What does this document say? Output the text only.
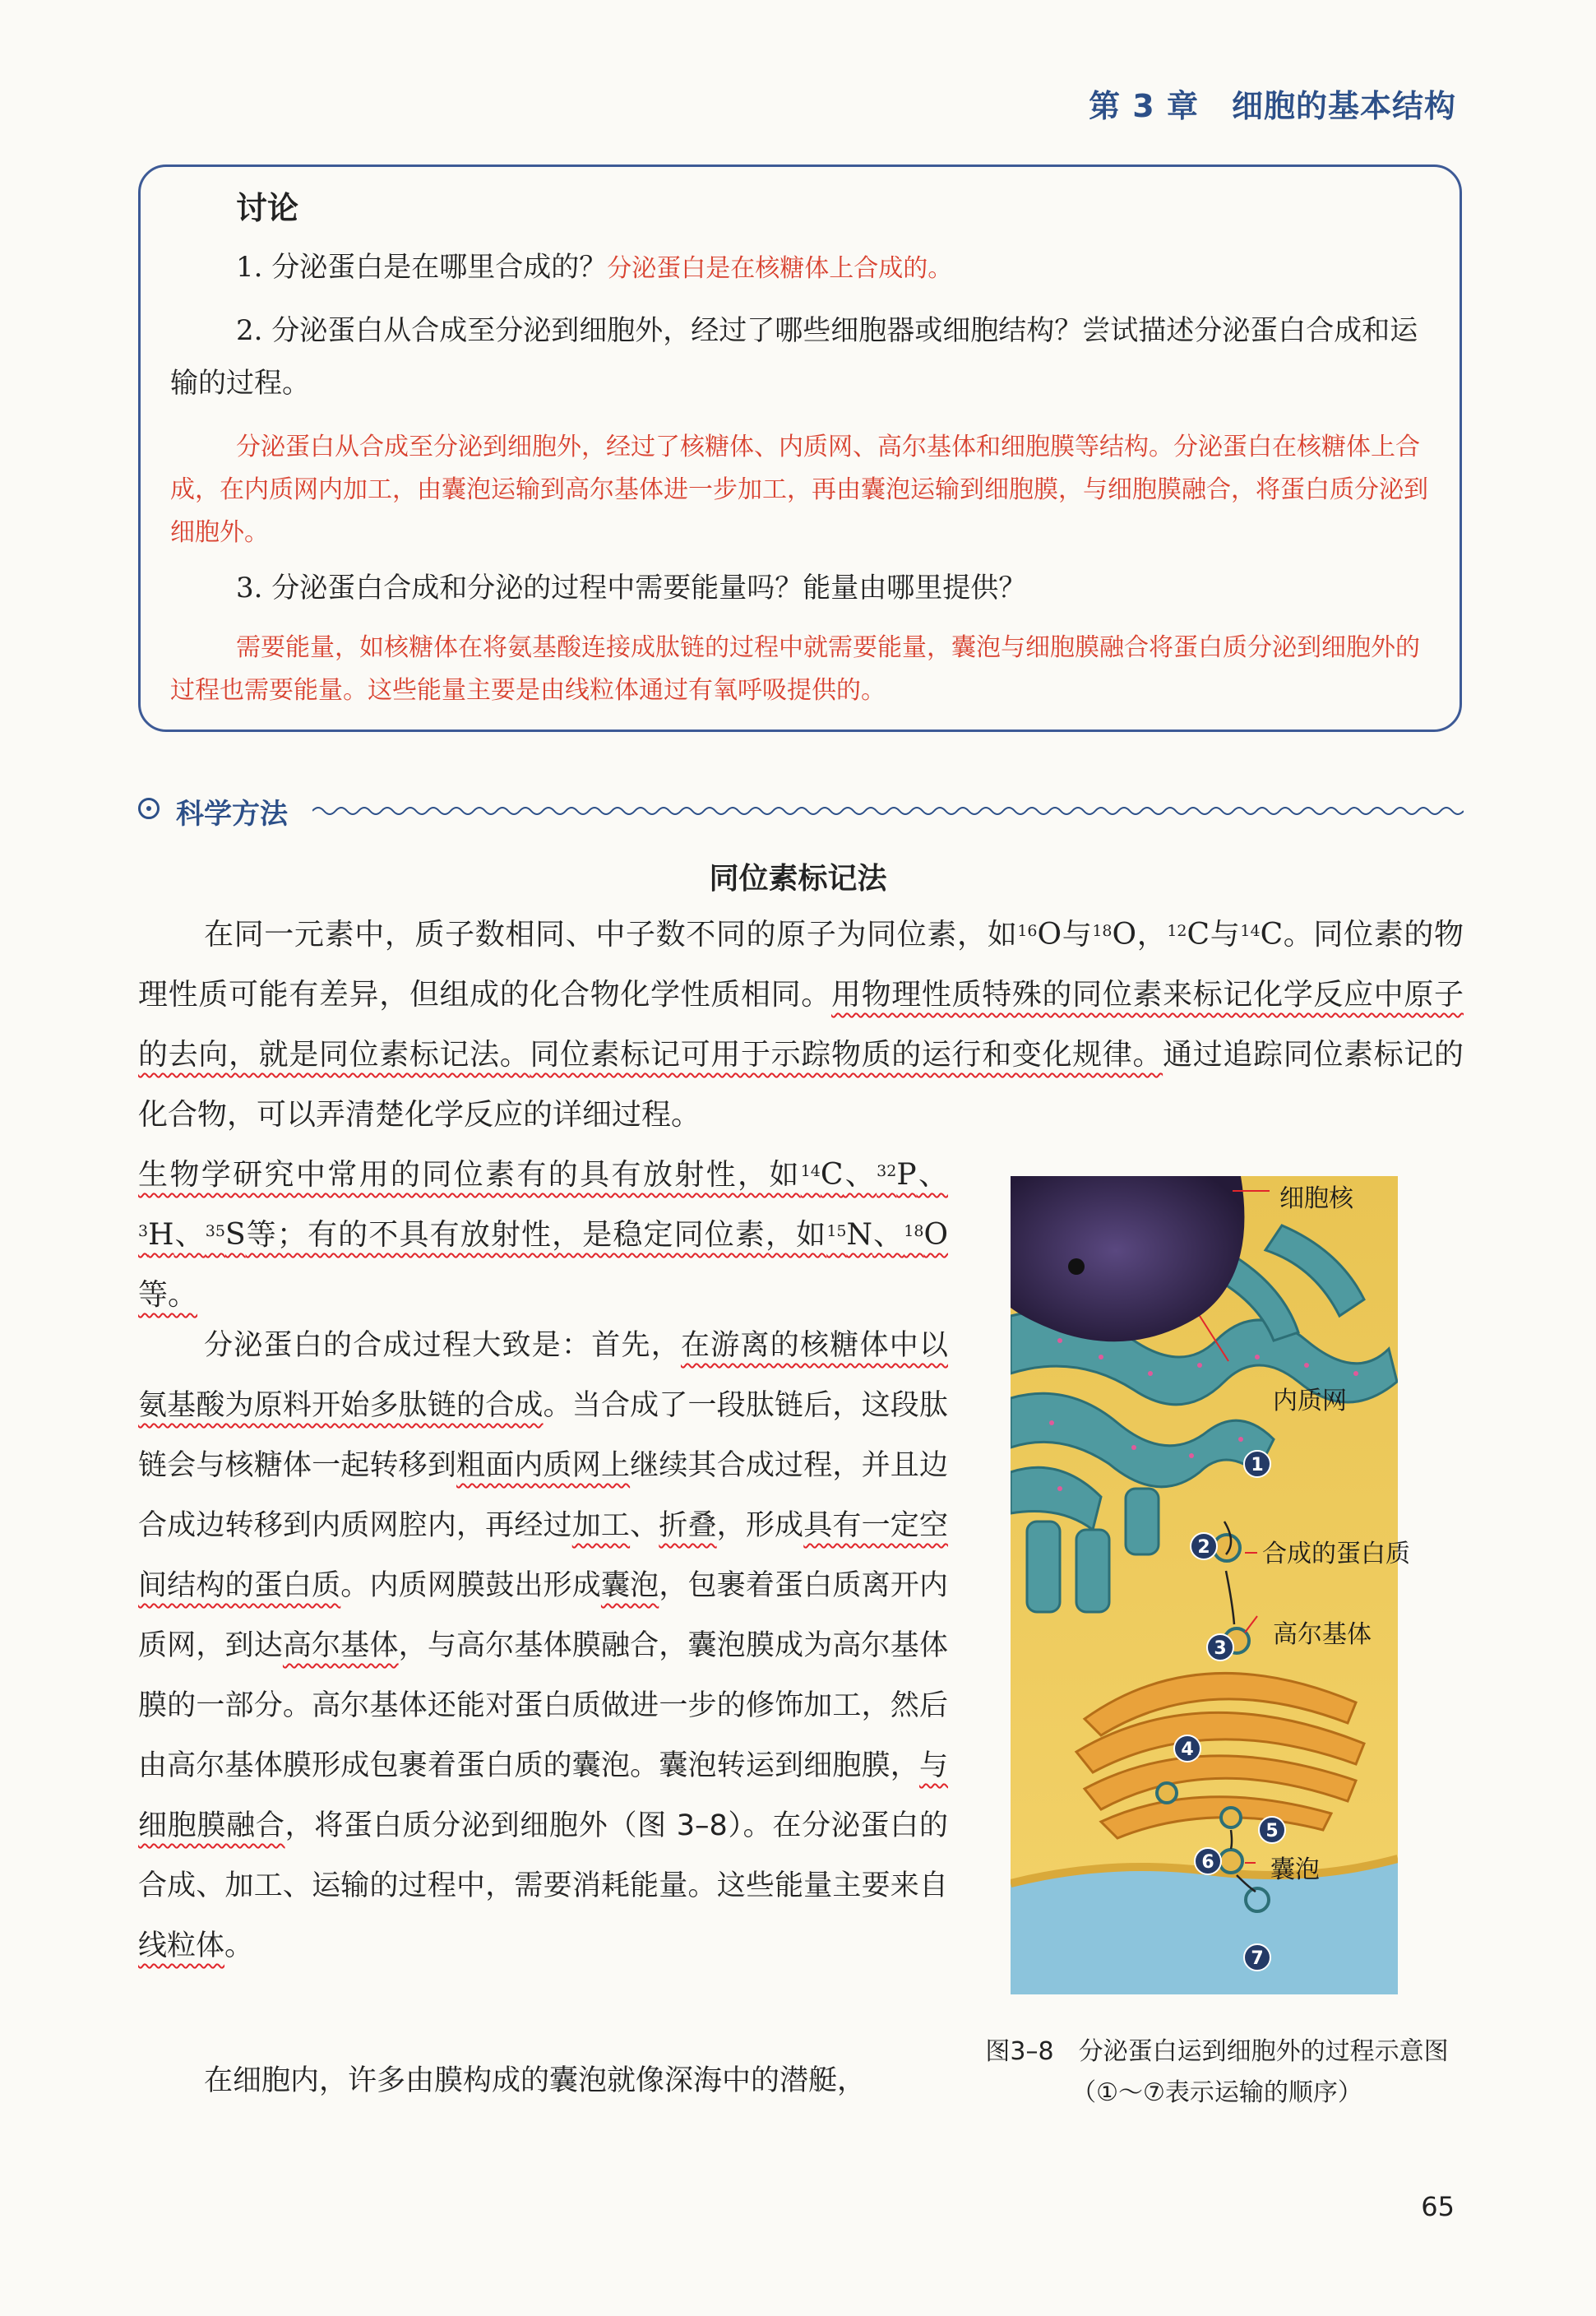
第 3 章 细胞的基本结构
讨论
1. 分泌蛋白是在哪里合成的？分泌蛋白是在核糖体上合成的。
2. 分泌蛋白从合成至分泌到细胞外，经过了哪些细胞器或细胞结构？尝试描述分泌蛋白合成和运输的过程。
分泌蛋白从合成至分泌到细胞外，经过了核糖体、内质网、高尔基体和细胞膜等结构。分泌蛋白在核糖体上合成，在内质网内加工，由囊泡运输到高尔基体进一步加工，再由囊泡运输到细胞膜，与细胞膜融合，将蛋白质分泌到细胞外。
3. 分泌蛋白合成和分泌的过程中需要能量吗？能量由哪里提供？
需要能量，如核糖体在将氨基酸连接成肽链的过程中就需要能量，囊泡与细胞膜融合将蛋白质分泌到细胞外的过程也需要能量。这些能量主要是由线粒体通过有氧呼吸提供的。
科学方法
同位素标记法
在同一元素中，质子数相同、中子数不同的原子为同位素，如$^{16}$O与$^{18}$O，$^{12}$C与$^{14}$C。同位素的物理性质可能有差异，但组成的化合物化学性质相同。用物理性质特殊的同位素来标记化学反应中原子的去向，就是同位素标记法。同位素标记可用于示踪物质的运行和变化规律。通过追踪同位素标记的化合物，可以弄清楚化学反应的详细过程。
生物学研究中常用的同位素有的具有放射性，如$^{14}$C、$^{32}$P、$^3$H、$^{35}$S等；有的不具有放射性，是稳定同位素，如$^{15}$N、$^{18}$O等。
分泌蛋白的合成过程大致是：首先，在游离的核糖体中以氨基酸为原料开始多肽链的合成。当合成了一段肽链后，这段肽链会与核糖体一起转移到粗面内质网上继续其合成过程，并且边合成边转移到内质网腔内，再经过加工、折叠，形成具有一定空间结构的蛋白质。内质网膜鼓出形成囊泡，包裹着蛋白质离开内质网，到达高尔基体，与高尔基体膜融合，囊泡膜成为高尔基体膜的一部分。高尔基体还能对蛋白质做进一步的修饰加工，然后由高尔基体膜形成包裹着蛋白质的囊泡。囊泡转运到细胞膜，与细胞膜融合，将蛋白质分泌到细胞外（图 3–8）。在分泌蛋白的合成、加工、运输的过程中，需要消耗能量。这些能量主要来自线粒体。
在细胞内，许多由膜构成的囊泡就像深海中的潜艇，
1
2
3
4
5
6
7
细胞核
内质网
合成的蛋白质
高尔基体
囊泡
图3–8　分泌蛋白运到细胞外的过程示意图
（①～⑦表示运输的顺序）
65
